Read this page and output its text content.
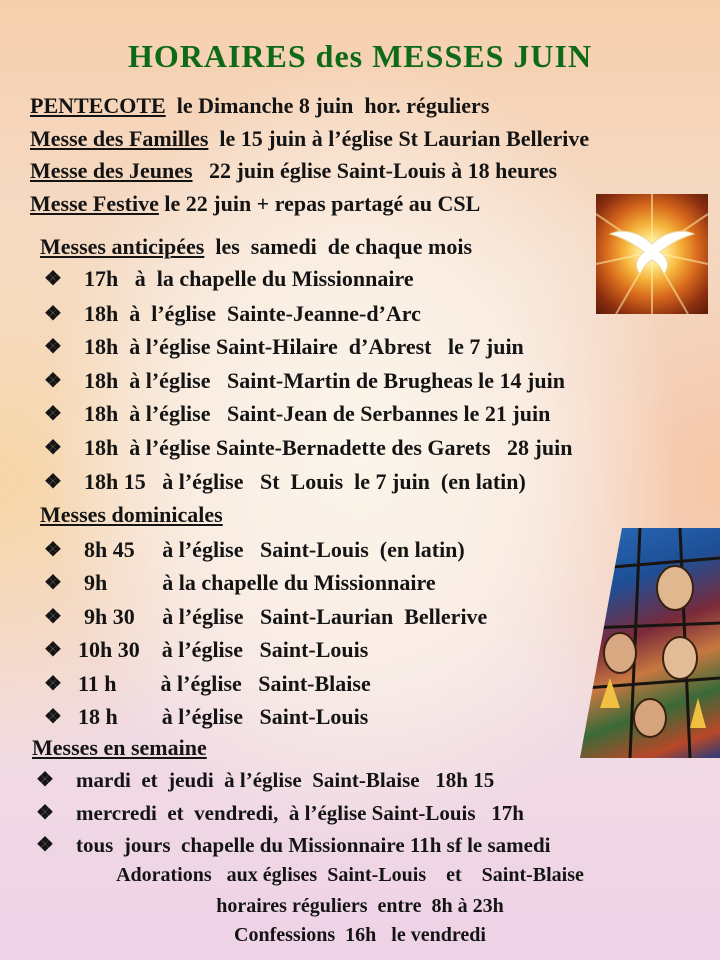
HORAIRES des MESSES JUIN
PENTECOTE  le Dimanche 8 juin  hor. réguliers
Messe des Familles  le 15 juin à l’église St Laurian Bellerive
Messe des Jeunes   22 juin église Saint-Louis à 18 heures
Messe Festive le 22 juin + repas partagé au CSL
Messes anticipées  les  samedi  de chaque mois
❖ 17h   à  la chapelle du Missionnaire
❖ 18h  à  l’église  Sainte-Jeanne-d’Arc
❖ 18h  à l’église Saint-Hilaire  d’Abrest   le 7 juin
❖ 18h  à l’église   Saint-Martin de Brugheas le 14 juin
❖ 18h  à l’église   Saint-Jean de Serbannes le 21 juin
❖ 18h  à l’église Sainte-Bernadette des Garets   28 juin
❖ 18h 15   à l’église   St  Louis  le 7 juin  (en latin)
Messes dominicales
❖ 8h 45     à l’église   Saint-Louis  (en latin)
❖ 9h          à la chapelle du Missionnaire
❖ 9h 30     à l’église   Saint-Laurian  Bellerive
❖ 10h 30    à l’église   Saint-Louis
❖ 11 h        à l’église   Saint-Blaise
❖ 18 h        à l’église   Saint-Louis
Messes en semaine
❖ mardi  et  jeudi  à l’église  Saint-Blaise   18h 15
❖ mercredi  et  vendredi,  à l’église Saint-Louis   17h
❖ tous  jours  chapelle du Missionnaire 11h sf le samedi
Adorations   aux églises  Saint-Louis    et    Saint-Blaise
horaires réguliers  entre  8h à 23h
Confessions  16h   le vendredi
